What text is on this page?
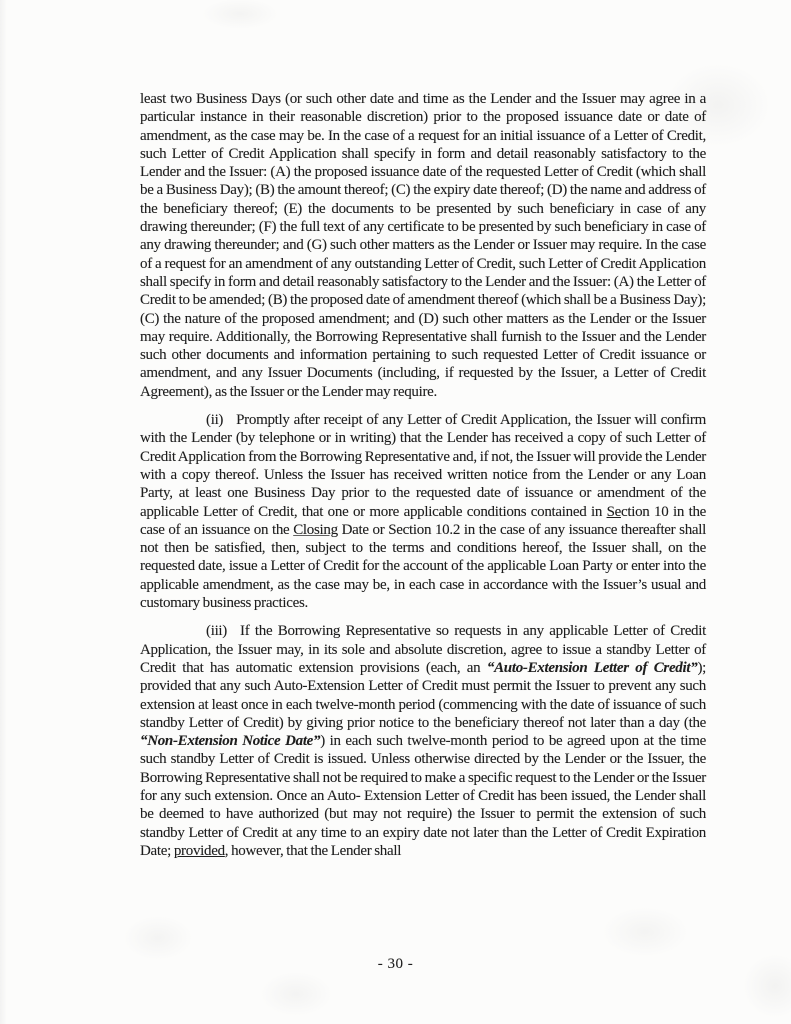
least two Business Days (or such other date and time as the Lender and the Issuer may agree in a particular instance in their reasonable discretion) prior to the proposed issuance date or date of amendment, as the case may be. In the case of a request for an initial issuance of a Letter of Credit, such Letter of Credit Application shall specify in form and detail reasonably satisfactory to the Lender and the Issuer: (A) the proposed issuance date of the requested Letter of Credit (which shall be a Business Day); (B) the amount thereof; (C) the expiry date thereof; (D) the name and address of the beneficiary thereof; (E) the documents to be presented by such beneficiary in case of any drawing thereunder; (F) the full text of any certificate to be presented by such beneficiary in case of any drawing thereunder; and (G) such other matters as the Lender or Issuer may require. In the case of a request for an amendment of any outstanding Letter of Credit, such Letter of Credit Application shall specify in form and detail reasonably satisfactory to the Lender and the Issuer: (A) the Letter of Credit to be amended; (B) the proposed date of amendment thereof (which shall be a Business Day); (C) the nature of the proposed amendment; and (D) such other matters as the Lender or the Issuer may require. Additionally, the Borrowing Representative shall furnish to the Issuer and the Lender such other documents and information pertaining to such requested Letter of Credit issuance or amendment, and any Issuer Documents (including, if requested by the Issuer, a Letter of Credit Agreement), as the Issuer or the Lender may require.

(ii) Promptly after receipt of any Letter of Credit Application, the Issuer will confirm with the Lender (by telephone or in writing) that the Lender has received a copy of such Letter of Credit Application from the Borrowing Representative and, if not, the Issuer will provide the Lender with a copy thereof. Unless the Issuer has received written notice from the Lender or any Loan Party, at least one Business Day prior to the requested date of issuance or amendment of the applicable Letter of Credit, that one or more applicable conditions contained in Section 10 in the case of an issuance on the Closing Date or Section 10.2 in the case of any issuance thereafter shall not then be satisfied, then, subject to the terms and conditions hereof, the Issuer shall, on the requested date, issue a Letter of Credit for the account of the applicable Loan Party or enter into the applicable amendment, as the case may be, in each case in accordance with the Issuer’s usual and customary business practices.

(iii) If the Borrowing Representative so requests in any applicable Letter of Credit Application, the Issuer may, in its sole and absolute discretion, agree to issue a standby Letter of Credit that has automatic extension provisions (each, an “Auto-Extension Letter of Credit”); provided that any such Auto-Extension Letter of Credit must permit the Issuer to prevent any such extension at least once in each twelve-month period (commencing with the date of issuance of such standby Letter of Credit) by giving prior notice to the beneficiary thereof not later than a day (the “Non-Extension Notice Date”) in each such twelve-month period to be agreed upon at the time such standby Letter of Credit is issued. Unless otherwise directed by the Lender or the Issuer, the Borrowing Representative shall not be required to make a specific request to the Lender or the Issuer for any such extension. Once an Auto- Extension Letter of Credit has been issued, the Lender shall be deemed to have authorized (but may not require) the Issuer to permit the extension of such standby Letter of Credit at any time to an expiry date not later than the Letter of Credit Expiration Date; provided, however, that the Lender shall

- 30 -
